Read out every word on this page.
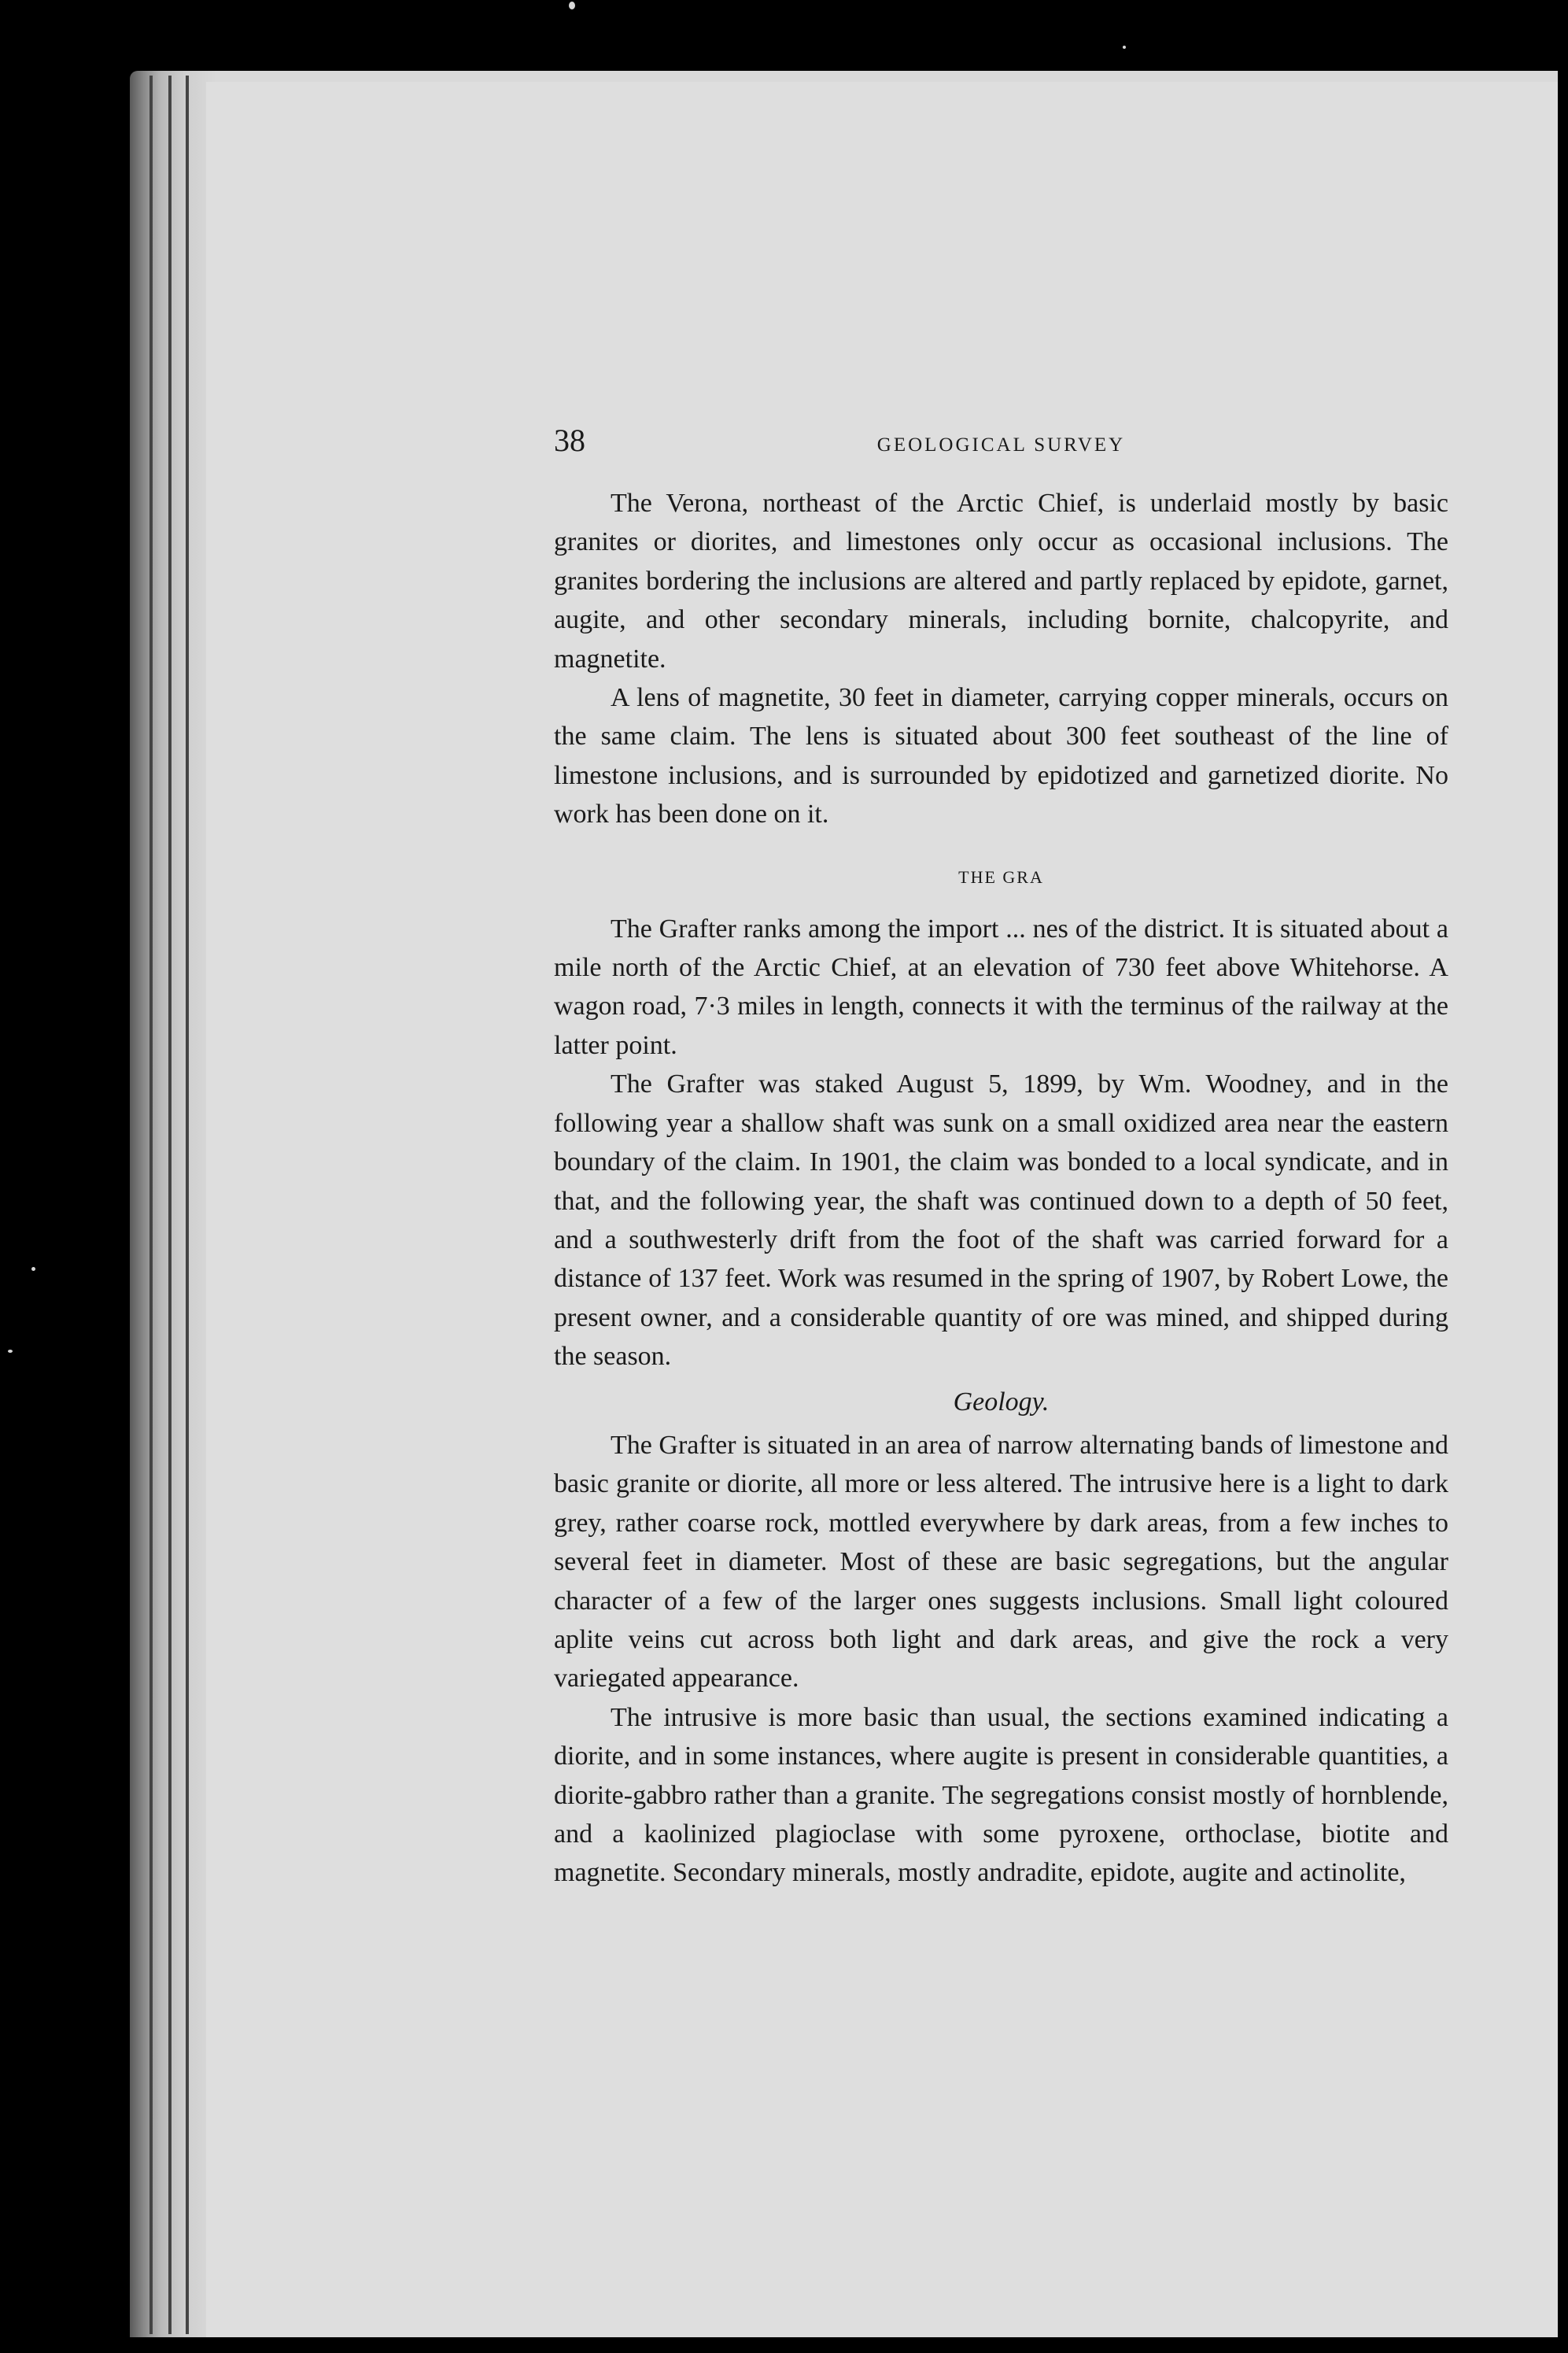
38	GEOLOGICAL SURVEY

The Verona, northeast of the Arctic Chief, is underlaid mostly by basic granites or diorites, and limestones only occur as occasional inclusions. The granites bordering the inclusions are altered and partly replaced by epidote, garnet, augite, and other secondary minerals, including bornite, chalcopyrite, and magnetite.

A lens of magnetite, 30 feet in diameter, carrying copper minerals, occurs on the same claim. The lens is situated about 300 feet southeast of the line of limestone inclusions, and is surrounded by epidotized and garnetized diorite. No work has been done on it.

THE GRA

The Grafter ranks among the import ... nes of the district. It is situated about a mile north of the Arctic Chief, at an elevation of 730 feet above Whitehorse. A wagon road, 7·3 miles in length, connects it with the terminus of the railway at the latter point.

The Grafter was staked August 5, 1899, by Wm. Woodney, and in the following year a shallow shaft was sunk on a small oxidized area near the eastern boundary of the claim. In 1901, the claim was bonded to a local syndicate, and in that, and the following year, the shaft was continued down to a depth of 50 feet, and a southwesterly drift from the foot of the shaft was carried forward for a distance of 137 feet. Work was resumed in the spring of 1907, by Robert Lowe, the present owner, and a considerable quantity of ore was mined, and shipped during the season.

Geology.

The Grafter is situated in an area of narrow alternating bands of limestone and basic granite or diorite, all more or less altered. The intrusive here is a light to dark grey, rather coarse rock, mottled everywhere by dark areas, from a few inches to several feet in diameter. Most of these are basic segregations, but the angular character of a few of the larger ones suggests inclusions. Small light coloured aplite veins cut across both light and dark areas, and give the rock a very variegated appearance.

The intrusive is more basic than usual, the sections examined indicating a diorite, and in some instances, where augite is present in considerable quantities, a diorite-gabbro rather than a granite. The segregations consist mostly of hornblende, and a kaolinized plagioclase with some pyroxene, orthoclase, biotite and magnetite. Secondary minerals, mostly andradite, epidote, augite and actinolite,
